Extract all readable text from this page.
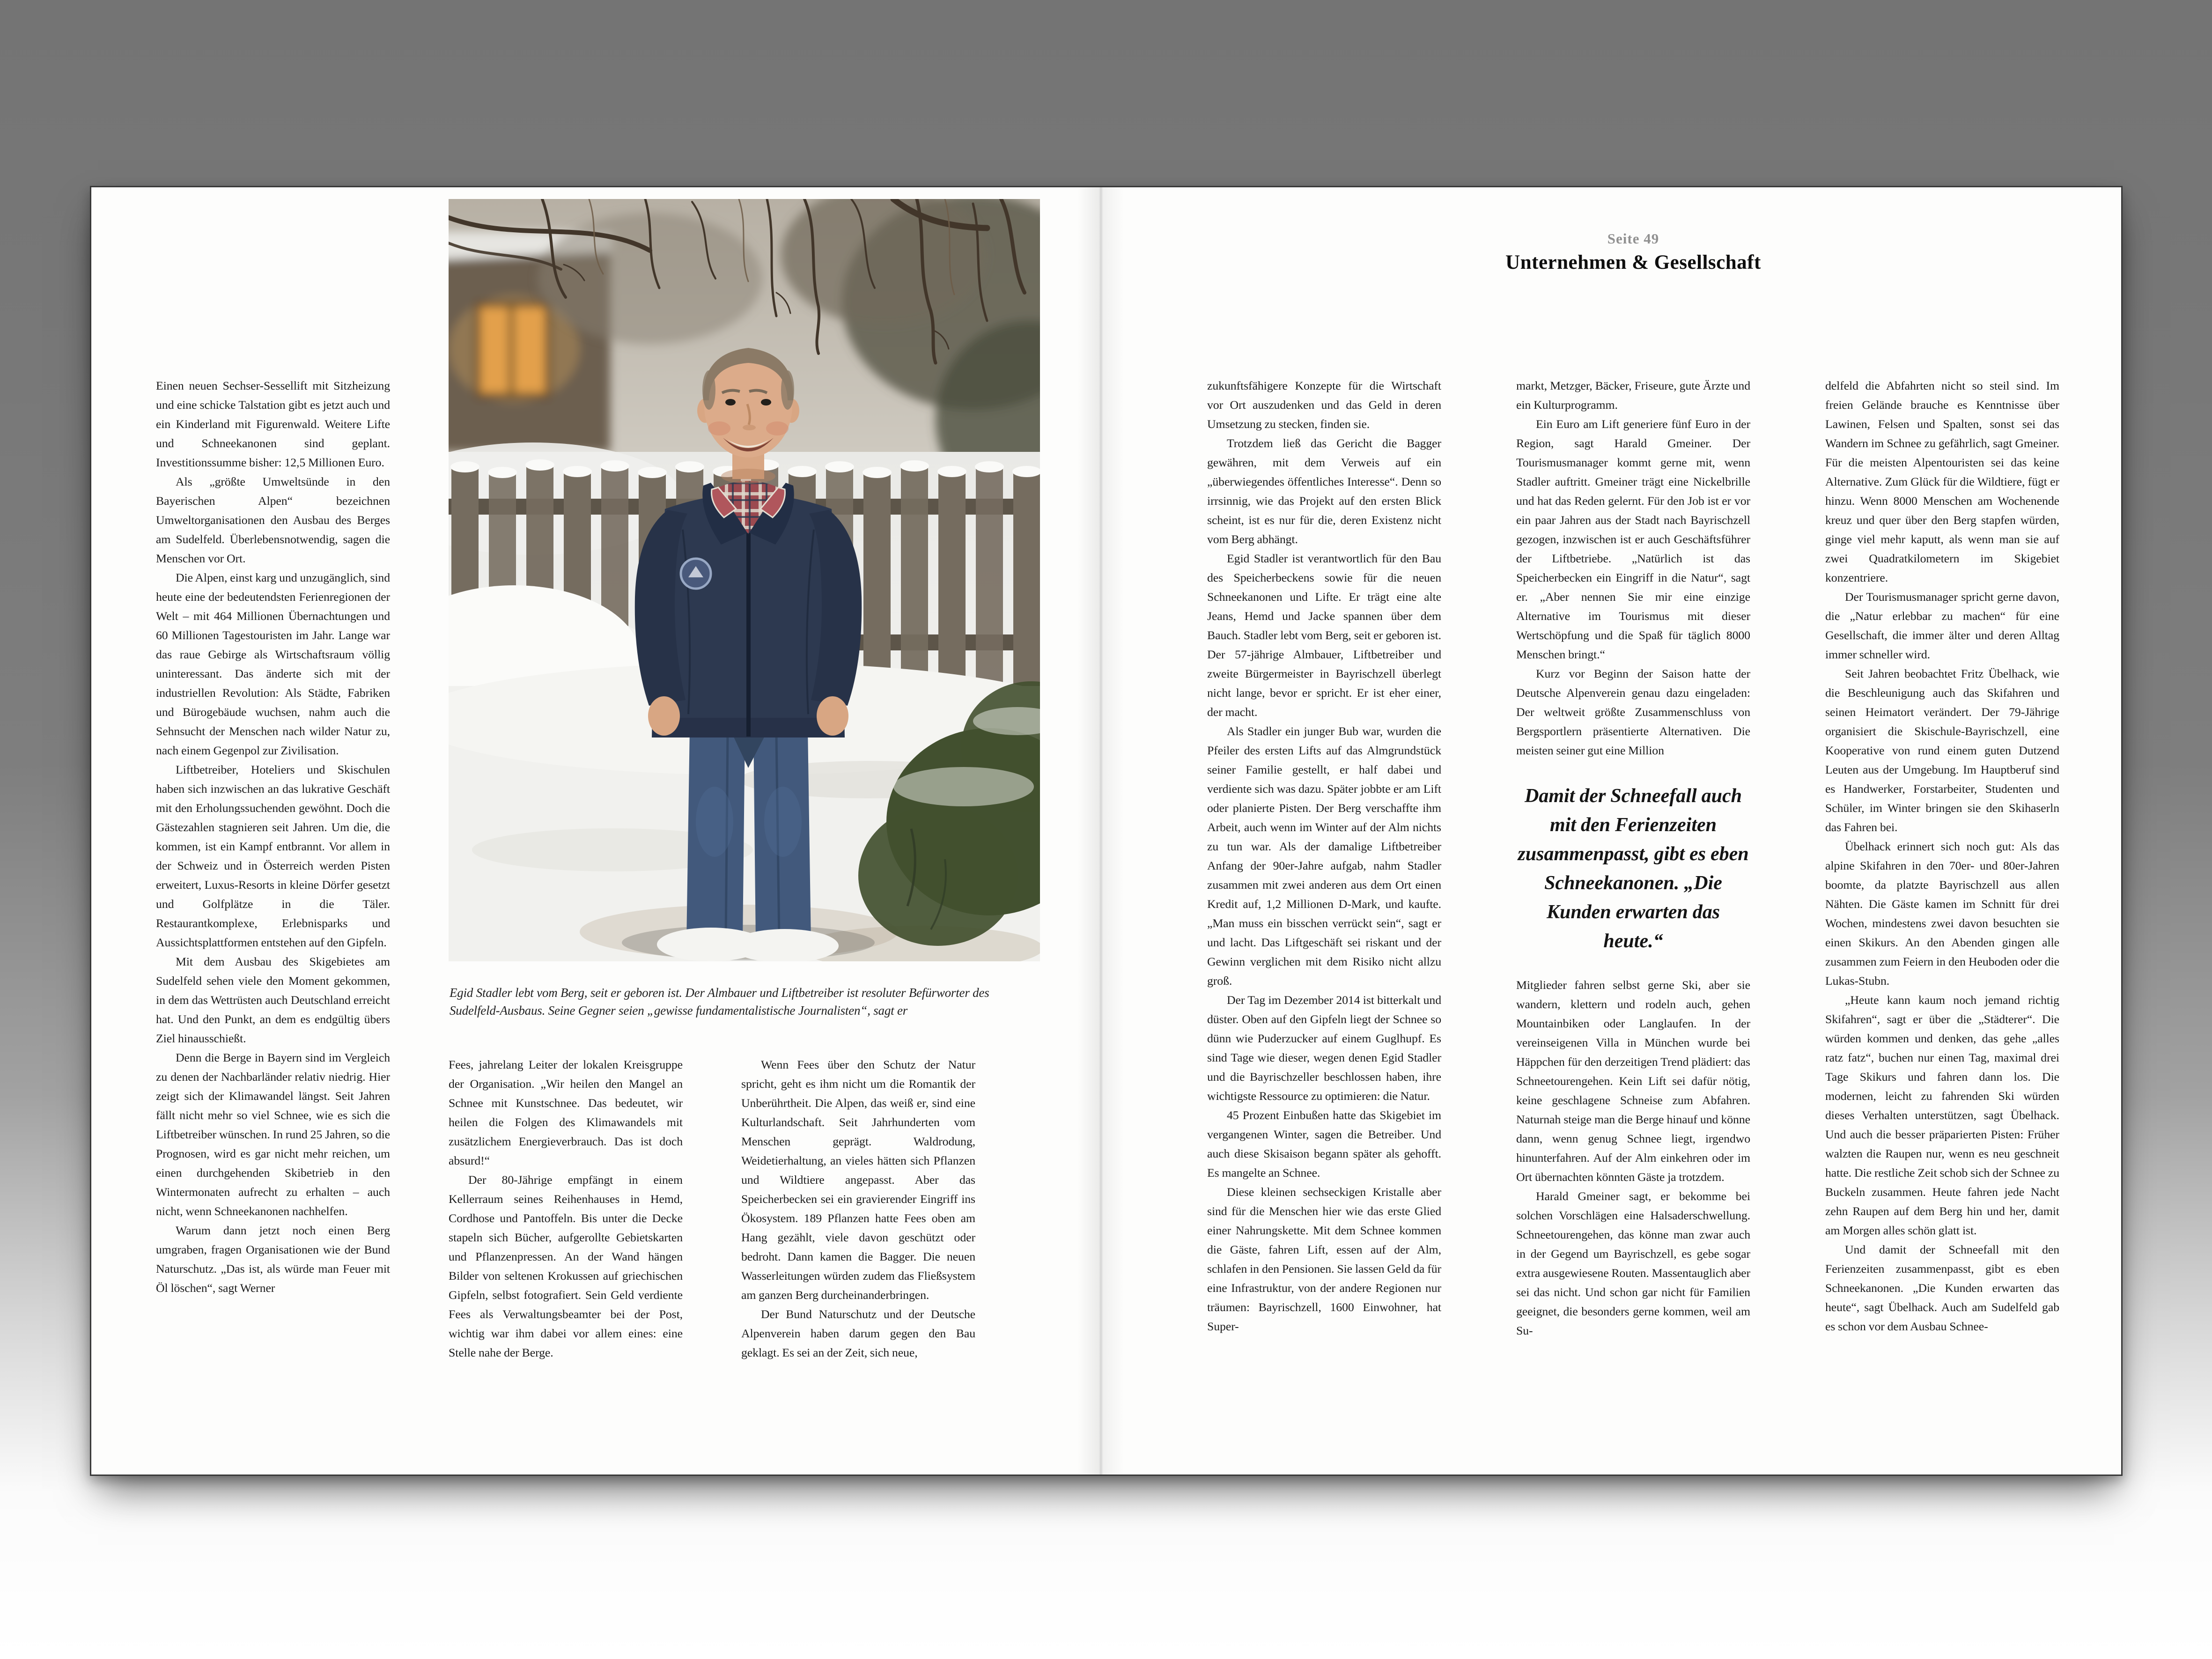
Einen neuen Sechser-Sessellift mit Sitzheizung und eine schicke Talstation gibt es jetzt auch und ein Kinderland mit Figurenwald. Weitere Lifte und Schneekanonen sind geplant. Investitionssumme bisher: 12,5 Millionen Euro.

Als „größte Umweltsünde in den Bayerischen Alpen“ bezeichnen Umweltorganisationen den Ausbau des Berges am Sudelfeld. Überlebensnotwendig, sagen die Menschen vor Ort.

Die Alpen, einst karg und unzugänglich, sind heute eine der bedeutendsten Ferienregionen der Welt – mit 464 Millionen Übernachtungen und 60 Millionen Tagestouristen im Jahr. Lange war das raue Gebirge als Wirtschaftsraum völlig uninteressant. Das änderte sich mit der industriellen Revolution: Als Städte, Fabriken und Bürogebäude wuchsen, nahm auch die Sehnsucht der Menschen nach wilder Natur zu, nach einem Gegenpol zur Zivilisation.

Liftbetreiber, Hoteliers und Skischulen haben sich inzwischen an das lukrative Geschäft mit den Erholungssuchenden gewöhnt. Doch die Gästezahlen stagnieren seit Jahren. Um die, die kommen, ist ein Kampf entbrannt. Vor allem in der Schweiz und in Österreich werden Pisten erweitert, Luxus-Resorts in kleine Dörfer gesetzt und Golfplätze in die Täler. Restaurantkomplexe, Erlebnisparks und Aussichtsplattformen entstehen auf den Gipfeln.

Mit dem Ausbau des Skigebietes am Sudelfeld sehen viele den Moment gekommen, in dem das Wettrüsten auch Deutschland erreicht hat. Und den Punkt, an dem es endgültig übers Ziel hinausschießt.

Denn die Berge in Bayern sind im Vergleich zu denen der Nachbarländer relativ niedrig. Hier zeigt sich der Klimawandel längst. Seit Jahren fällt nicht mehr so viel Schnee, wie es sich die Liftbetreiber wünschen. In rund 25 Jahren, so die Prognosen, wird es gar nicht mehr reichen, um einen durchgehenden Skibetrieb in den Wintermonaten aufrecht zu erhalten – auch nicht, wenn Schneekanonen nachhelfen.

Warum dann jetzt noch einen Berg umgraben, fragen Organisationen wie der Bund Naturschutz. „Das ist, als würde man Feuer mit Öl löschen“, sagt Werner

Egid Stadler lebt vom Berg, seit er geboren ist. Der Almbauer und Liftbetreiber ist resoluter Befürworter des Sudelfeld-Ausbaus. Seine Gegner seien „gewisse fundamentalistische Journalisten“, sagt er

Fees, jahrelang Leiter der lokalen Kreisgruppe der Organisation. „Wir heilen den Mangel an Schnee mit Kunstschnee. Das bedeutet, wir heilen die Folgen des Klimawandels mit zusätzlichem Energieverbrauch. Das ist doch absurd!“

Der 80-Jährige empfängt in einem Kellerraum seines Reihenhauses in Hemd, Cordhose und Pantoffeln. Bis unter die Decke stapeln sich Bücher, aufgerollte Gebietskarten und Pflanzenpressen. An der Wand hängen Bilder von seltenen Krokussen auf griechischen Gipfeln, selbst fotografiert. Sein Geld verdiente Fees als Verwaltungsbeamter bei der Post, wichtig war ihm dabei vor allem eines: eine Stelle nahe der Berge.

Wenn Fees über den Schutz der Natur spricht, geht es ihm nicht um die Romantik der Unberührtheit. Die Alpen, das weiß er, sind eine Kulturlandschaft. Seit Jahrhunderten vom Menschen geprägt. Waldrodung, Weidetierhaltung, an vieles hätten sich Pflanzen und Wildtiere angepasst. Aber das Speicherbecken sei ein gravierender Eingriff ins Ökosystem. 189 Pflanzen hatte Fees oben am Hang gezählt, viele davon geschützt oder bedroht. Dann kamen die Bagger. Die neuen Wasserleitungen würden zudem das Fließsystem am ganzen Berg durcheinanderbringen.

Der Bund Naturschutz und der Deutsche Alpenverein haben darum gegen den Bau geklagt. Es sei an der Zeit, sich neue,

Seite 49
Unternehmen & Gesellschaft

zukunftsfähigere Konzepte für die Wirtschaft vor Ort auszudenken und das Geld in deren Umsetzung zu stecken, finden sie.

Trotzdem ließ das Gericht die Bagger gewähren, mit dem Verweis auf ein „überwiegendes öffentliches Interesse“. Denn so irrsinnig, wie das Projekt auf den ersten Blick scheint, ist es nur für die, deren Existenz nicht vom Berg abhängt.

Egid Stadler ist verantwortlich für den Bau des Speicherbeckens sowie für die neuen Schneekanonen und Lifte. Er trägt eine alte Jeans, Hemd und Jacke spannen über dem Bauch. Stadler lebt vom Berg, seit er geboren ist. Der 57-jährige Almbauer, Liftbetreiber und zweite Bürgermeister in Bayrischzell überlegt nicht lange, bevor er spricht. Er ist eher einer, der macht.

Als Stadler ein junger Bub war, wurden die Pfeiler des ersten Lifts auf das Almgrundstück seiner Familie gestellt, er half dabei und verdiente sich was dazu. Später jobbte er am Lift oder planierte Pisten. Der Berg verschaffte ihm Arbeit, auch wenn im Winter auf der Alm nichts zu tun war. Als der damalige Liftbetreiber Anfang der 90er-Jahre aufgab, nahm Stadler zusammen mit zwei anderen aus dem Ort einen Kredit auf, 1,2 Millionen D-Mark, und kaufte. „Man muss ein bisschen verrückt sein“, sagt er und lacht. Das Liftgeschäft sei riskant und der Gewinn verglichen mit dem Risiko nicht allzu groß.

Der Tag im Dezember 2014 ist bitterkalt und düster. Oben auf den Gipfeln liegt der Schnee so dünn wie Puderzucker auf einem Guglhupf. Es sind Tage wie dieser, wegen denen Egid Stadler und die Bayrischzeller beschlossen haben, ihre wichtigste Ressource zu optimieren: die Natur.

45 Prozent Einbußen hatte das Skigebiet im vergangenen Winter, sagen die Betreiber. Und auch diese Skisaison begann später als gehofft. Es mangelte an Schnee.

Diese kleinen sechseckigen Kristalle aber sind für die Menschen hier wie das erste Glied einer Nahrungskette. Mit dem Schnee kommen die Gäste, fahren Lift, essen auf der Alm, schlafen in den Pensionen. Sie lassen Geld da für eine Infrastruktur, von der andere Regionen nur träumen: Bayrischzell, 1600 Einwohner, hat Super-

markt, Metzger, Bäcker, Friseure, gute Ärzte und ein Kulturprogramm.

Ein Euro am Lift generiere fünf Euro in der Region, sagt Harald Gmeiner. Der Tourismusmanager kommt gerne mit, wenn Stadler auftritt. Gmeiner trägt eine Nickelbrille und hat das Reden gelernt. Für den Job ist er vor ein paar Jahren aus der Stadt nach Bayrischzell gezogen, inzwischen ist er auch Geschäftsführer der Liftbetriebe. „Natürlich ist das Speicherbecken ein Eingriff in die Natur“, sagt er. „Aber nennen Sie mir eine einzige Alternative im Tourismus mit dieser Wertschöpfung und die Spaß für täglich 8000 Menschen bringt.“

Kurz vor Beginn der Saison hatte der Deutsche Alpenverein genau dazu eingeladen: Der weltweit größte Zusammenschluss von Bergsportlern präsentierte Alternativen. Die meisten seiner gut eine Million

Damit der Schneefall auch mit den Ferienzeiten zusammenpasst, gibt es eben Schneekanonen. „Die Kunden erwarten das heute.“

Mitglieder fahren selbst gerne Ski, aber sie wandern, klettern und rodeln auch, gehen Mountainbiken oder Langlaufen. In der vereinseigenen Villa in München wurde bei Häppchen für den derzeitigen Trend plädiert: das Schneetourengehen. Kein Lift sei dafür nötig, keine geschlagene Schneise zum Abfahren. Naturnah steige man die Berge hinauf und könne dann, wenn genug Schnee liegt, irgendwo hinunterfahren. Auf der Alm einkehren oder im Ort übernachten könnten Gäste ja trotzdem.

Harald Gmeiner sagt, er bekomme bei solchen Vorschlägen eine Halsaderschwellung. Schneetourengehen, das könne man zwar auch in der Gegend um Bayrischzell, es gebe sogar extra ausgewiesene Routen. Massentauglich aber sei das nicht. Und schon gar nicht für Familien geeignet, die besonders gerne kommen, weil am Su-

delfeld die Abfahrten nicht so steil sind. Im freien Gelände brauche es Kenntnisse über Lawinen, Felsen und Spalten, sonst sei das Wandern im Schnee zu gefährlich, sagt Gmeiner. Für die meisten Alpentouristen sei das keine Alternative. Zum Glück für die Wildtiere, fügt er hinzu. Wenn 8000 Menschen am Wochenende kreuz und quer über den Berg stapfen würden, ginge viel mehr kaputt, als wenn man sie auf zwei Quadratkilometern im Skigebiet konzentriere.

Der Tourismusmanager spricht gerne davon, die „Natur erlebbar zu machen“ für eine Gesellschaft, die immer älter und deren Alltag immer schneller wird.

Seit Jahren beobachtet Fritz Übelhack, wie die Beschleunigung auch das Skifahren und seinen Heimatort verändert. Der 79-Jährige organisiert die Skischule-Bayrischzell, eine Kooperative von rund einem guten Dutzend Leuten aus der Umgebung. Im Hauptberuf sind es Handwerker, Forstarbeiter, Studenten und Schüler, im Winter bringen sie den Skihaserln das Fahren bei.

Übelhack erinnert sich noch gut: Als das alpine Skifahren in den 70er- und 80er-Jahren boomte, da platzte Bayrischzell aus allen Nähten. Die Gäste kamen im Schnitt für drei Wochen, mindestens zwei davon besuchten sie einen Skikurs. An den Abenden gingen alle zusammen zum Feiern in den Heuboden oder die Lukas-Stubn.

„Heute kann kaum noch jemand richtig Skifahren“, sagt er über die „Städterer“. Die würden kommen und denken, das gehe „alles ratz fatz“, buchen nur einen Tag, maximal drei Tage Skikurs und fahren dann los. Die modernen, leicht zu fahrenden Ski würden dieses Verhalten unterstützen, sagt Übelhack. Und auch die besser präparierten Pisten: Früher walzten die Raupen nur, wenn es neu geschneit hatte. Die restliche Zeit schob sich der Schnee zu Buckeln zusammen. Heute fahren jede Nacht zehn Raupen auf dem Berg hin und her, damit am Morgen alles schön glatt ist.

Und damit der Schneefall mit den Ferienzeiten zusammenpasst, gibt es eben Schneekanonen. „Die Kunden erwarten das heute“, sagt Übelhack. Auch am Sudelfeld gab es schon vor dem Ausbau Schnee-
